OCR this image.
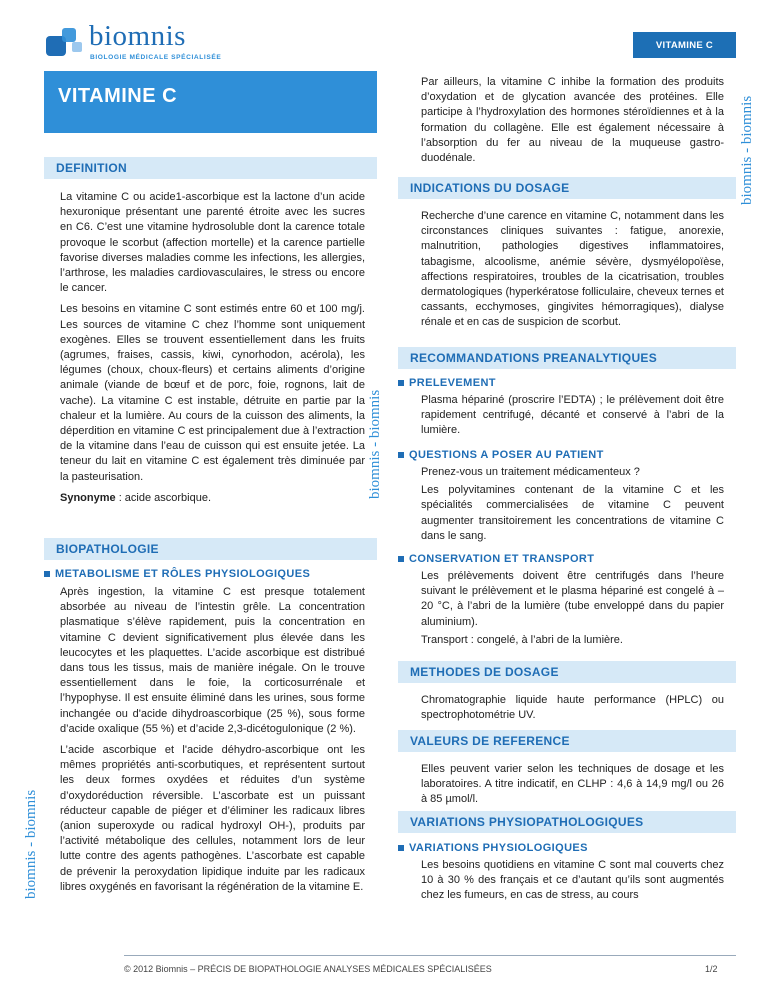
biomnis
BIOLOGIE MÉDICALE SPÉCIALISÉE
VITAMINE C
VITAMINE C
DEFINITION

La vitamine C ou acide1-ascorbique est la lactone d’un acide hexuronique présentant une parenté étroite avec les sucres en C6. C’est une vitamine hydrosoluble dont la carence totale provoque le scorbut (affection mortelle) et la carence partielle favorise diverses maladies comme les infections, les allergies, l’arthrose, les maladies cardiovasculaires, le stress ou encore le cancer.

Les besoins en vitamine C sont estimés entre 60 et 100 mg/j. Les sources de vitamine C chez l’homme sont uniquement exogènes. Elles se trouvent essentiellement dans les fruits (agrumes, fraises, cassis, kiwi, cynorhodon, acérola), les légumes (choux, choux-fleurs) et certains aliments d’origine animale (viande de bœuf et de porc, foie, rognons, lait de vache). La vitamine C est instable, détruite en partie par la chaleur et la lumière. Au cours de la cuisson des aliments, la déperdition en vitamine C est principalement due à l’extraction de la vitamine dans l’eau de cuisson qui est ensuite jetée. La teneur du lait en vitamine C est également très diminuée par la pasteurisation.

Synonyme : acide ascorbique.

BIOPATHOLOGIE
METABOLISME ET RÔLES PHYSIOLOGIQUES

Après ingestion, la vitamine C est presque totalement absorbée au niveau de l’intestin grêle. La concentration plasmatique s’élève rapidement, puis la concentration en vitamine C devient significativement plus élevée dans les leucocytes et les plaquettes. L’acide ascorbique est distribué dans tous les tissus, mais de manière inégale. On le trouve essentiellement dans le foie, la corticosurrénale et l’hypophyse. Il est ensuite éliminé dans les urines, sous forme inchangée ou d'acide dihydroascorbique (25 %), sous forme d’acide oxalique (55 %) et d’acide 2,3-dicétogulonique (2 %).

L’acide ascorbique et l'acide déhydro-ascorbique ont les mêmes propriétés anti-scorbutiques, et représentent surtout les deux formes oxydées et réduites d’un système d’oxydoréduction réversible. L’ascorbate est un puissant réducteur capable de piéger et d’éliminer les radicaux libres (anion superoxyde ou radical hydroxyl OH-), produits par l’activité métabolique des cellules, notamment lors de leur lutte contre des agents pathogènes. L’ascorbate est capable de prévenir la peroxydation lipidique induite par les radicaux libres oxygénés en favorisant la régénération de la vitamine E.

Par ailleurs, la vitamine C inhibe la formation des produits d’oxydation et de glycation avancée des protéines. Elle participe à l’hydroxylation des hormones stéroïdiennes et à la formation du collagène. Elle est également nécessaire à l’absorption du fer au niveau de la muqueuse gastro-duodénale.
INDICATIONS DU DOSAGE
Recherche d’une carence en vitamine C, notamment dans les circonstances cliniques suivantes : fatigue, anorexie, malnutrition, pathologies digestives inflammatoires, tabagisme, alcoolisme, anémie sévère, dysmyélopoïèse, affections respiratoires, troubles de la cicatrisation, troubles dermatologiques (hyperkératose folliculaire, cheveux ternes et cassants, ecchymoses, gingivites hémorragiques), dialyse rénale et en cas de suspicion de scorbut.
RECOMMANDATIONS PREANALYTIQUES
PRELEVEMENT
Plasma hépariné (proscrire l’EDTA) ; le prélèvement doit être rapidement centrifugé, décanté et conservé à l’abri de la lumière.
QUESTIONS A POSER AU PATIENT

Prenez-vous un traitement médicamenteux ?

Les polyvitamines contenant de la vitamine C et les spécialités commercialisées de vitamine C peuvent augmenter transitoirement les concentrations de vitamine C dans le sang.

CONSERVATION ET TRANSPORT

Les prélèvements doivent être centrifugés dans l’heure suivant le prélèvement et le plasma hépariné est congelé à – 20 °C, à l’abri de la lumière (tube enveloppé dans du papier aluminium).

Transport : congelé, à l’abri de la lumière.

METHODES DE DOSAGE
Chromatographie liquide haute performance (HPLC) ou spectrophotométrie UV.
VALEURS DE REFERENCE
Elles peuvent varier selon les techniques de dosage et les laboratoires. A titre indicatif, en CLHP : 4,6 à 14,9 mg/l ou 26 à 85 µmol/l.
VARIATIONS PHYSIOPATHOLOGIQUES
VARIATIONS PHYSIOLOGIQUES
Les besoins quotidiens en vitamine C sont mal couverts chez 10 à 30 % des français et ce d’autant qu’ils sont augmentés chez les fumeurs, en cas de stress, au cours
biomnis - biomnis
biomnis - biomnis
biomnis - biomnis
© 2012 Biomnis – PRÉCIS DE BIOPATHOLOGIE ANALYSES MÉDICALES SPÉCIALISÉES	1/2
